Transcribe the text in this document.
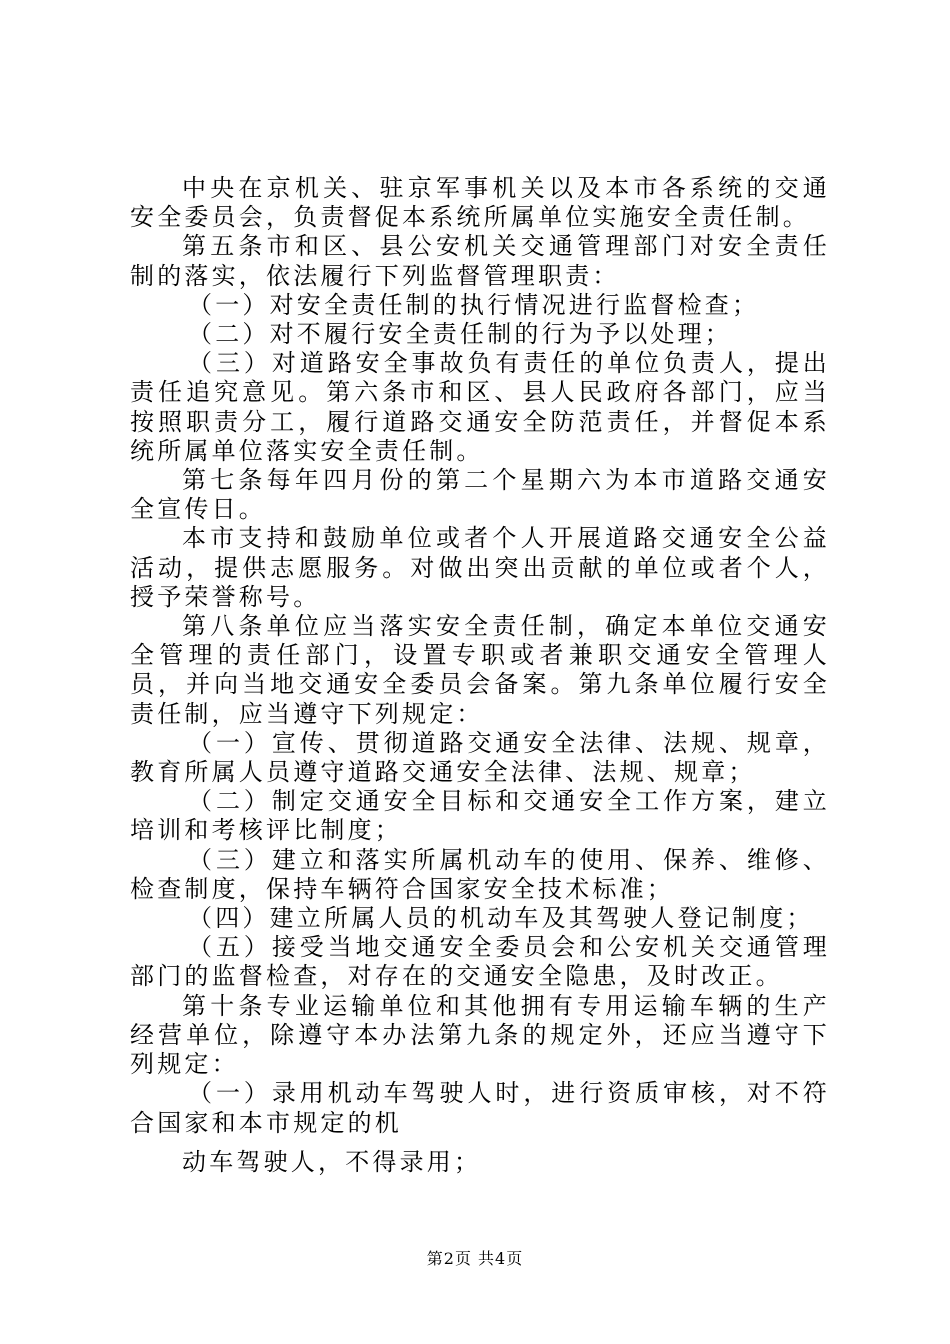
中央在京机关、驻京军事机关以及本市各系统的交通安全委员会，负责督促本系统所属单位实施安全责任制。

第五条市和区、县公安机关交通管理部门对安全责任制的落实，依法履行下列监督管理职责：

（一）对安全责任制的执行情况进行监督检查；

（二）对不履行安全责任制的行为予以处理；

（三）对道路安全事故负有责任的单位负责人，提出责任追究意见。第六条市和区、县人民政府各部门，应当按照职责分工，履行道路交通安全防范责任，并督促本系统所属单位落实安全责任制。

第七条每年四月份的第二个星期六为本市道路交通安全宣传日。

本市支持和鼓励单位或者个人开展道路交通安全公益活动，提供志愿服务。对做出突出贡献的单位或者个人，授予荣誉称号。

第八条单位应当落实安全责任制，确定本单位交通安全管理的责任部门，设置专职或者兼职交通安全管理人员，并向当地交通安全委员会备案。第九条单位履行安全责任制，应当遵守下列规定：

（一）宣传、贯彻道路交通安全法律、法规、规章，教育所属人员遵守道路交通安全法律、法规、规章；

（二）制定交通安全目标和交通安全工作方案，建立培训和考核评比制度；

（三）建立和落实所属机动车的使用、保养、维修、检查制度，保持车辆符合国家安全技术标准；

（四）建立所属人员的机动车及其驾驶人登记制度；

（五）接受当地交通安全委员会和公安机关交通管理部门的监督检查，对存在的交通安全隐患，及时改正。

第十条专业运输单位和其他拥有专用运输车辆的生产经营单位，除遵守本办法第九条的规定外，还应当遵守下列规定：

（一）录用机动车驾驶人时，进行资质审核，对不符合国家和本市规定的机

动车驾驶人，不得录用；

第2页 共4页
